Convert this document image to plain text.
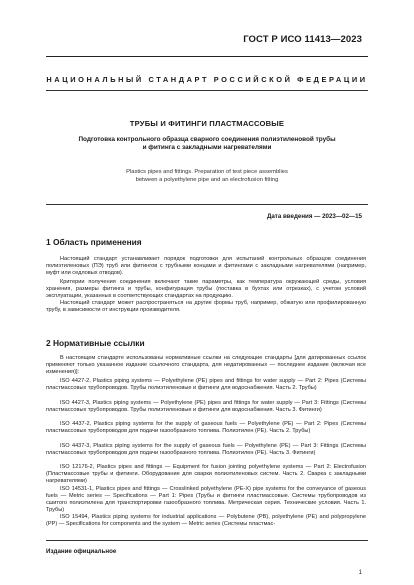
ГОСТ Р ИСО 11413—2023
НАЦИОНАЛЬНЫЙ СТАНДАРТ РОССИЙСКОЙ ФЕДЕРАЦИИ
ТРУБЫ И ФИТИНГИ ПЛАСТМАССОВЫЕ
Подготовка контрольного образца сварного соединения полиэтиленовой трубы
и фитинга с закладными нагревателями
Plastics pipes and fittings. Preparation of test piece assemblies
between a polyethylene pipe and an electrofusion fitting
Дата введения — 2023—02—15
1 Область применения
Настоящий стандарт устанавливает порядок подготовки для испытаний контрольных образцов соединения полиэтиленовых (ПЭ) труб или фитингов с трубными концами и фитингами с закладными нагревателями (например, муфт или седловых отводов).
Критерии получения соединения включают такие параметры, как температура окружающей среды, условия хранения, размеры фитинга и трубы, конфигурация трубы (поставка в бухтах или отрезках), с учетом условий эксплуатации, указанных в соответствующих стандартах на продукцию.
Настоящий стандарт может распространяться на другие формы труб, например, обжатую или профилированную трубу, в зависимости от инструкции производителя.
2 Нормативные ссылки
В настоящем стандарте использованы нормативные ссылки на следующие стандарты [для датированных ссылок применяют только указанное издание ссылочного стандарта, для недатированных — последнее издание (включая все изменения)]:
ISO 4427-2, Plastics piping systems — Polyethylene (PE) pipes and fittings for water supply — Part 2: Pipes (Системы пластмассовых трубопроводов. Трубы полиэтиленовые и фитинги для водоснабжения. Часть 2. Трубы)
ISO 4427-3, Plastics piping systems — Polyethylene (PE) pipes and fittings for water supply — Part 3: Fittings (Системы пластмассовых трубопроводов. Трубы полиэтиленовые и фитинги для водоснабжения. Часть 3. Фитинги)
ISO 4437-2, Plastics piping systems for the supply of gaseous fuels — Polyethylene (PE) — Part 2: Pipes (Системы пластмассовых трубопроводов для подачи газообразного топлива. Полиэтилен (PE). Часть 2. Трубы)
ISO 4437-3, Plastics piping systems for the supply of gaseous fuels — Polyethylene (PE) — Part 3: Fittings (Системы пластмассовых трубопроводов для подачи газообразного топлива. Полиэтилен (PE). Часть 3. Фитинги)
ISO 12176-2, Plastics pipes and fittings — Equipment for fusion jointing polyethylene systems — Part 2: Electrofusion (Пластмассовые трубы и фитинги. Оборудование для сварки полиэтиленовых систем. Часть 2. Сварка с закладными нагревателями)
ISO 14531-1, Plastics pipes and fittings — Crosslinked polyethylene (PE-X) pipe systems for the conveyance of gaseous fuels — Metric series — Specifications — Part 1: Pipes (Трубы и фитинги пластмассовые. Системы трубопроводов из сшитого полиэтилена для транспортировки газообразного топлива. Метрическая серия. Технические условия. Часть 1. Трубы)
ISO 15494, Plastics piping systems for industrial applications — Polybutene (PB), polyethylene (PE) and polypropylene (PP) — Specifications for components and the system — Metric series (Системы пластмас-
Издание официальное
1
